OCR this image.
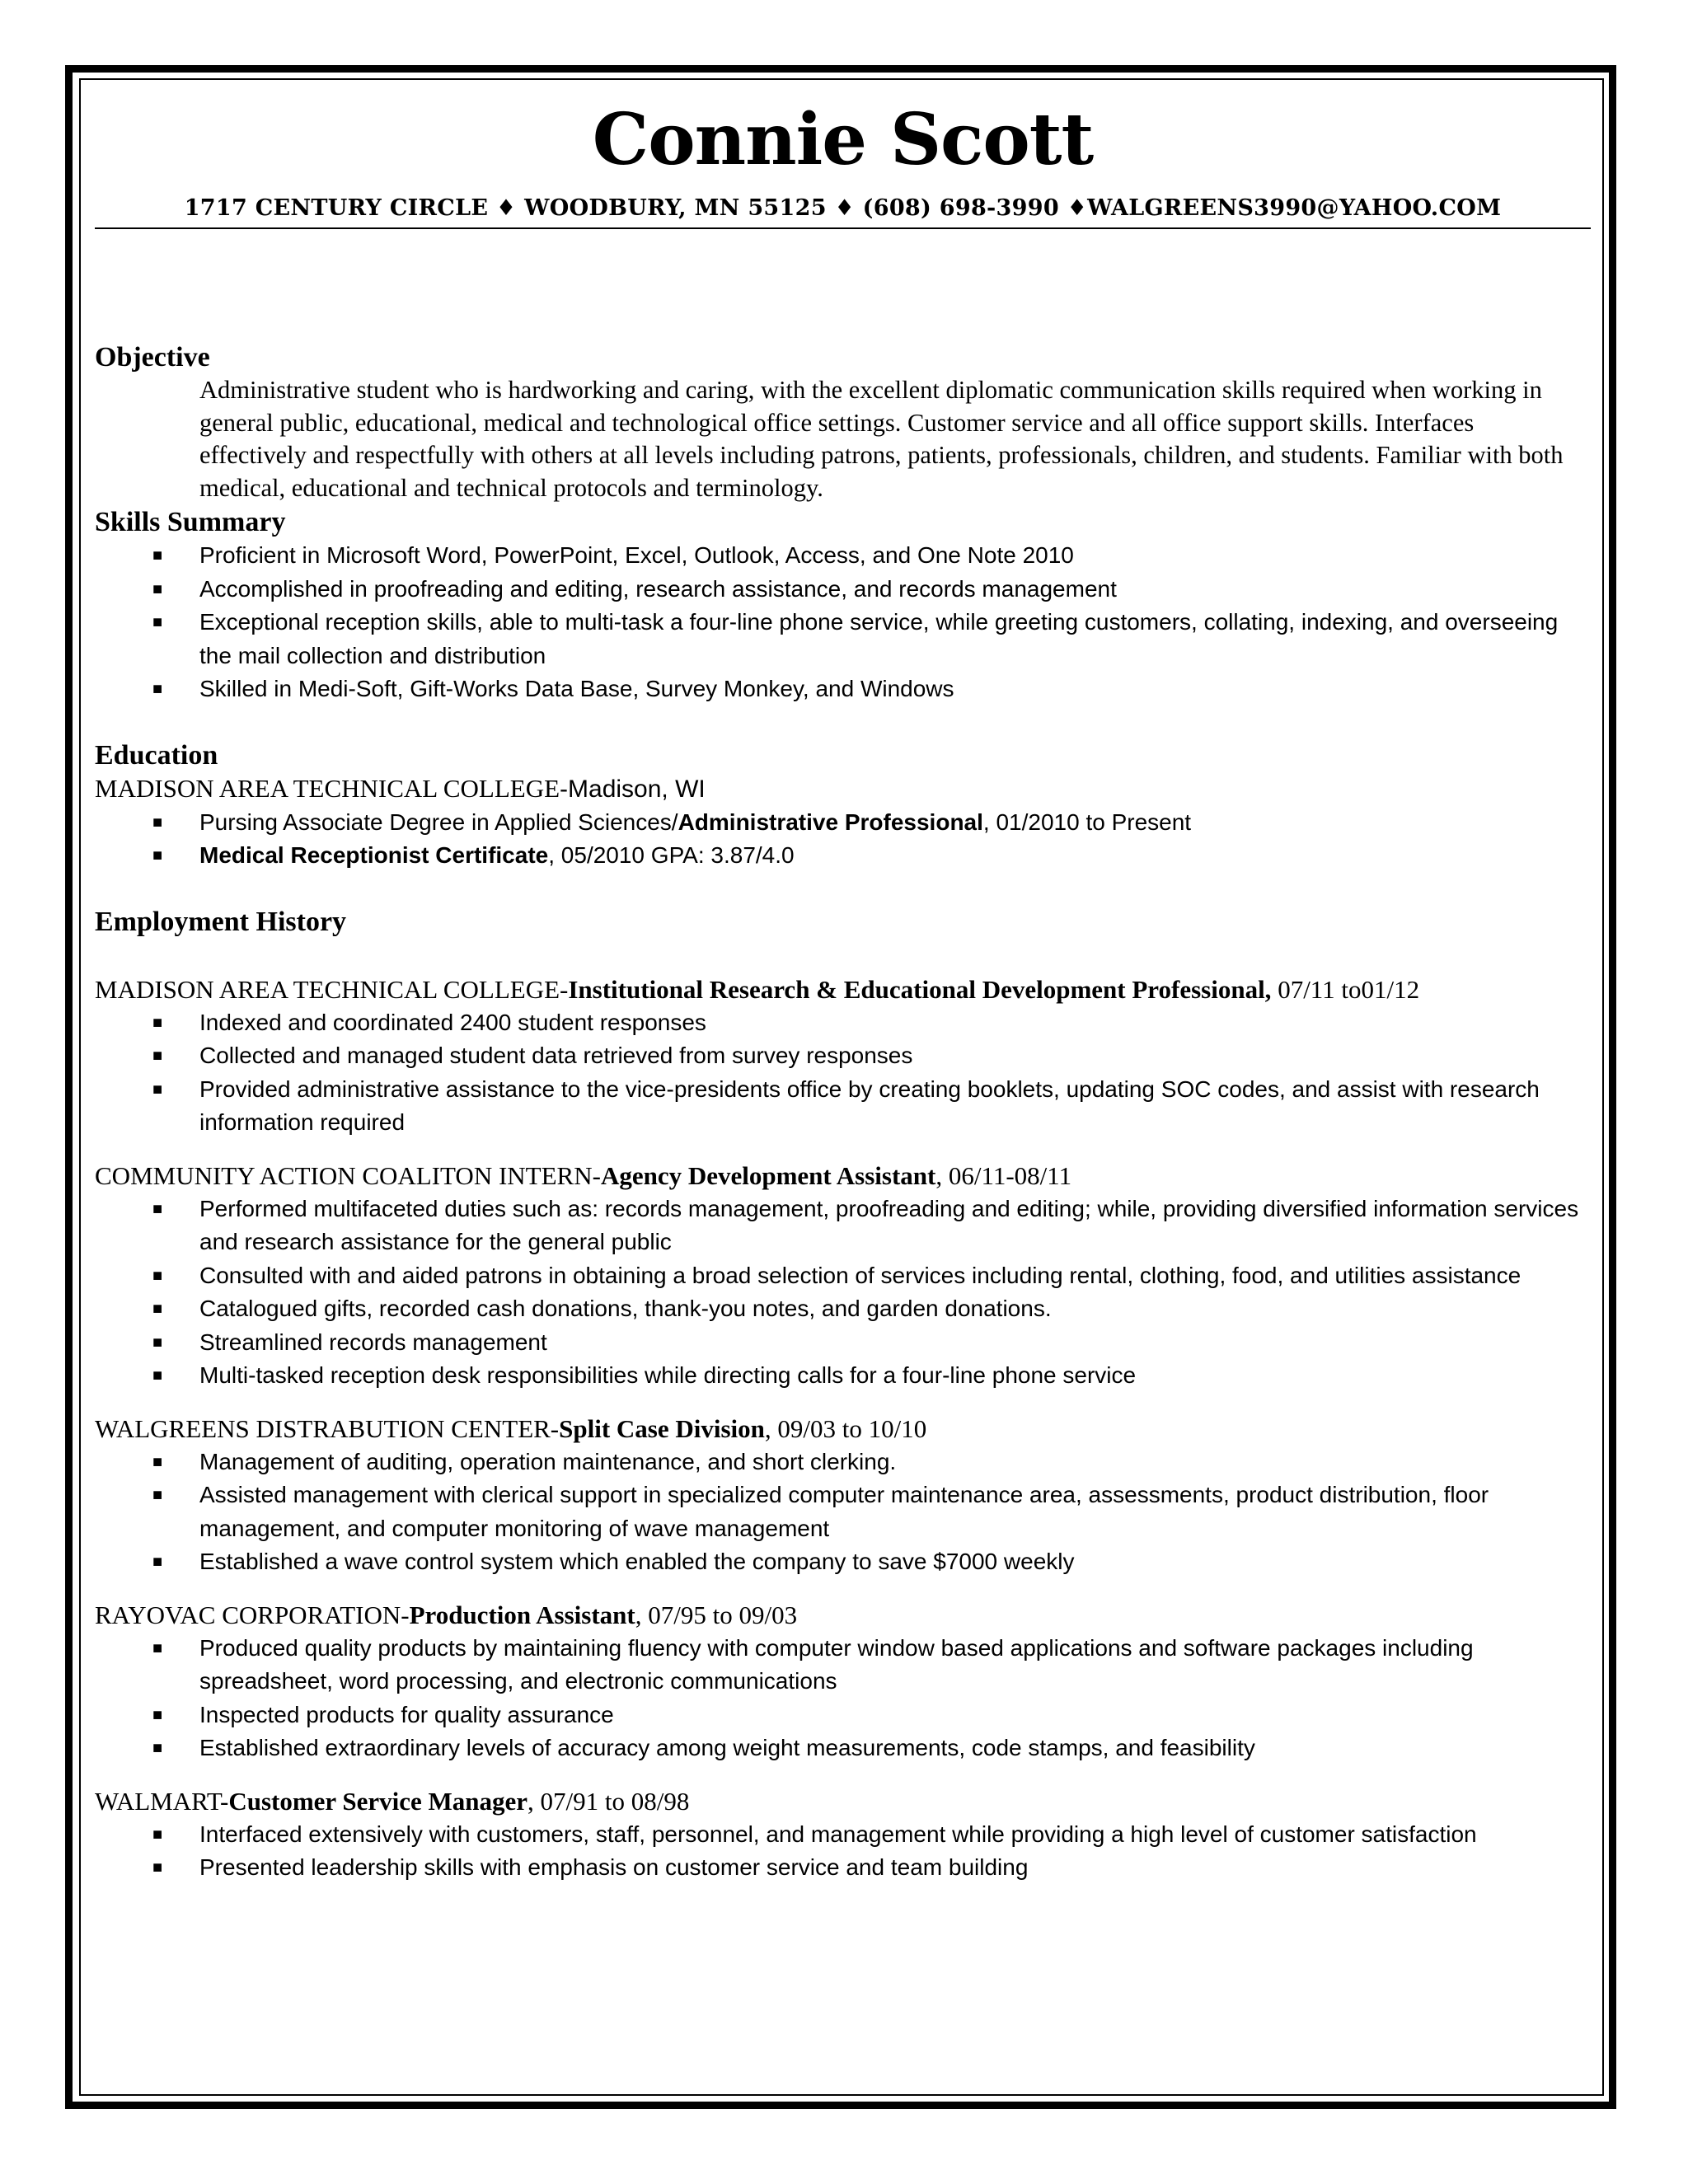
Connie Scott
1717 CENTURY CIRCLE ♦ WOODBURY, MN 55125 ♦ (608) 698-3990 ♦WALGREENS3990@YAHOO.COM
Objective
Administrative student who is hardworking and caring, with the excellent diplomatic communication skills required when working in general public, educational, medical and technological office settings. Customer service and all office support skills. Interfaces effectively and respectfully with others at all levels including patrons, patients, professionals, children, and students. Familiar with both medical, educational and technical protocols and terminology.
Skills Summary
■ Proficient in Microsoft Word, PowerPoint, Excel, Outlook, Access, and One Note 2010
■ Accomplished in proofreading and editing, research assistance, and records management
■ Exceptional reception skills, able to multi-task a four-line phone service, while greeting customers, collating, indexing, and overseeing the mail collection and distribution
■ Skilled in Medi-Soft, Gift-Works Data Base, Survey Monkey, and Windows
Education
MADISON AREA TECHNICAL COLLEGE-Madison, WI
■ Pursing Associate Degree in Applied Sciences/Administrative Professional, 01/2010 to Present
■ Medical Receptionist Certificate, 05/2010 GPA: 3.87/4.0
Employment History
MADISON AREA TECHNICAL COLLEGE-Institutional Research & Educational Development Professional, 07/11 to01/12
■ Indexed and coordinated 2400 student responses
■ Collected and managed student data retrieved from survey responses
■ Provided administrative assistance to the vice-presidents office by creating booklets, updating SOC codes, and assist with research information required
COMMUNITY ACTION COALITON INTERN-Agency Development Assistant, 06/11-08/11
■ Performed multifaceted duties such as: records management, proofreading and editing; while, providing diversified information services and research assistance for the general public
■ Consulted with and aided patrons in obtaining a broad selection of services including rental, clothing, food, and utilities assistance
■ Catalogued gifts, recorded cash donations, thank-you notes, and garden donations.
■ Streamlined records management
■ Multi-tasked reception desk responsibilities while directing calls for a four-line phone service
WALGREENS DISTRABUTION CENTER-Split Case Division, 09/03 to 10/10
■ Management of auditing, operation maintenance, and short clerking.
■ Assisted management with clerical support in specialized computer maintenance area, assessments, product distribution, floor management, and computer monitoring of wave management
■ Established a wave control system which enabled the company to save $7000 weekly
RAYOVAC CORPORATION-Production Assistant, 07/95 to 09/03
■ Produced quality products by maintaining fluency with computer window based applications and software packages including spreadsheet, word processing, and electronic communications
■ Inspected products for quality assurance
■ Established extraordinary levels of accuracy among weight measurements, code stamps, and feasibility
WALMART-Customer Service Manager, 07/91 to 08/98
■ Interfaced extensively with customers, staff, personnel, and management while providing a high level of customer satisfaction
■ Presented leadership skills with emphasis on customer service and team building
